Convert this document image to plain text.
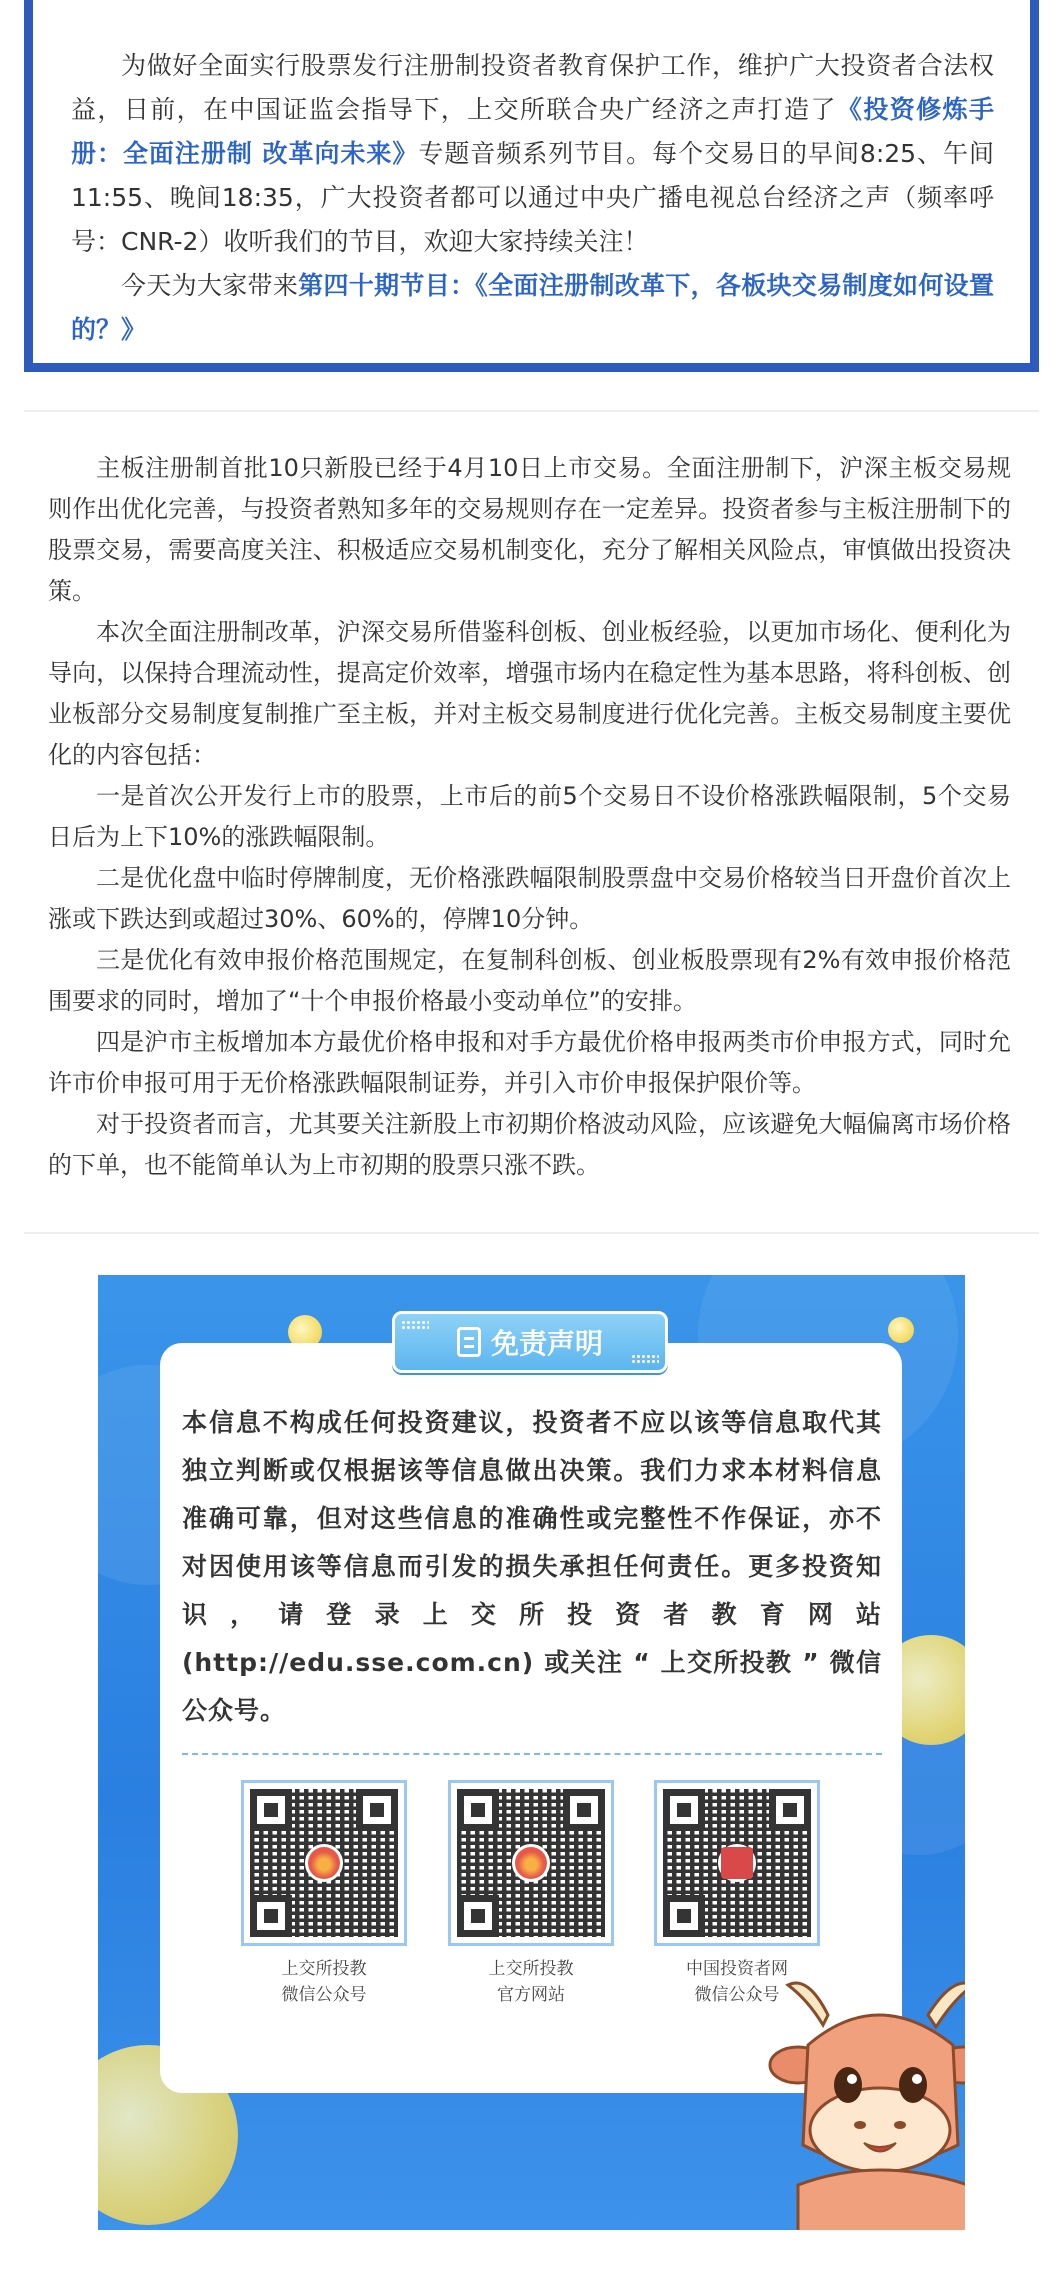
为做好全面实行股票发行注册制投资者教育保护工作，维护广大投资者合法权益，日前，在中国证监会指导下，上交所联合央广经济之声打造了《投资修炼手册：全面注册制 改革向未来》专题音频系列节目。每个交易日的早间8:25、午间11:55、晚间18:35，广大投资者都可以通过中央广播电视总台经济之声（频率呼号：CNR-2）收听我们的节目，欢迎大家持续关注！

今天为大家带来第四十期节目：《全面注册制改革下，各板块交易制度如何设置的？》

主板注册制首批10只新股已经于4月10日上市交易。全面注册制下，沪深主板交易规则作出优化完善，与投资者熟知多年的交易规则存在一定差异。投资者参与主板注册制下的股票交易，需要高度关注、积极适应交易机制变化，充分了解相关风险点，审慎做出投资决策。

本次全面注册制改革，沪深交易所借鉴科创板、创业板经验，以更加市场化、便利化为导向，以保持合理流动性，提高定价效率，增强市场内在稳定性为基本思路，将科创板、创业板部分交易制度复制推广至主板，并对主板交易制度进行优化完善。主板交易制度主要优化的内容包括：

一是首次公开发行上市的股票，上市后的前5个交易日不设价格涨跌幅限制，5个交易日后为上下10%的涨跌幅限制。

二是优化盘中临时停牌制度，无价格涨跌幅限制股票盘中交易价格较当日开盘价首次上涨或下跌达到或超过30%、60%的，停牌10分钟。

三是优化有效申报价格范围规定，在复制科创板、创业板股票现有2%有效申报价格范围要求的同时，增加了“十个申报价格最小变动单位”的安排。

四是沪市主板增加本方最优价格申报和对手方最优价格申报两类市价申报方式，同时允许市价申报可用于无价格涨跌幅限制证券，并引入市价申报保护限价等。

对于投资者而言，尤其要关注新股上市初期价格波动风险，应该避免大幅偏离市场价格的下单，也不能简单认为上市初期的股票只涨不跌。

免责声明
本信息不构成任何投资建议，投资者不应以该等信息取代其独立判断或仅根据该等信息做出决策。我们力求本材料信息准确可靠，但对这些信息的准确性或完整性不作保证，亦不对因使用该等信息而引发的损失承担任何责任。更多投资知识，请登录上交所投资者教育网站(http://edu.sse.com.cn) 或关注 “ 上交所投教 ” 微信公众号。
上交所投教
微信公众号
上交所投教
官方网站
中国投资者网
微信公众号
